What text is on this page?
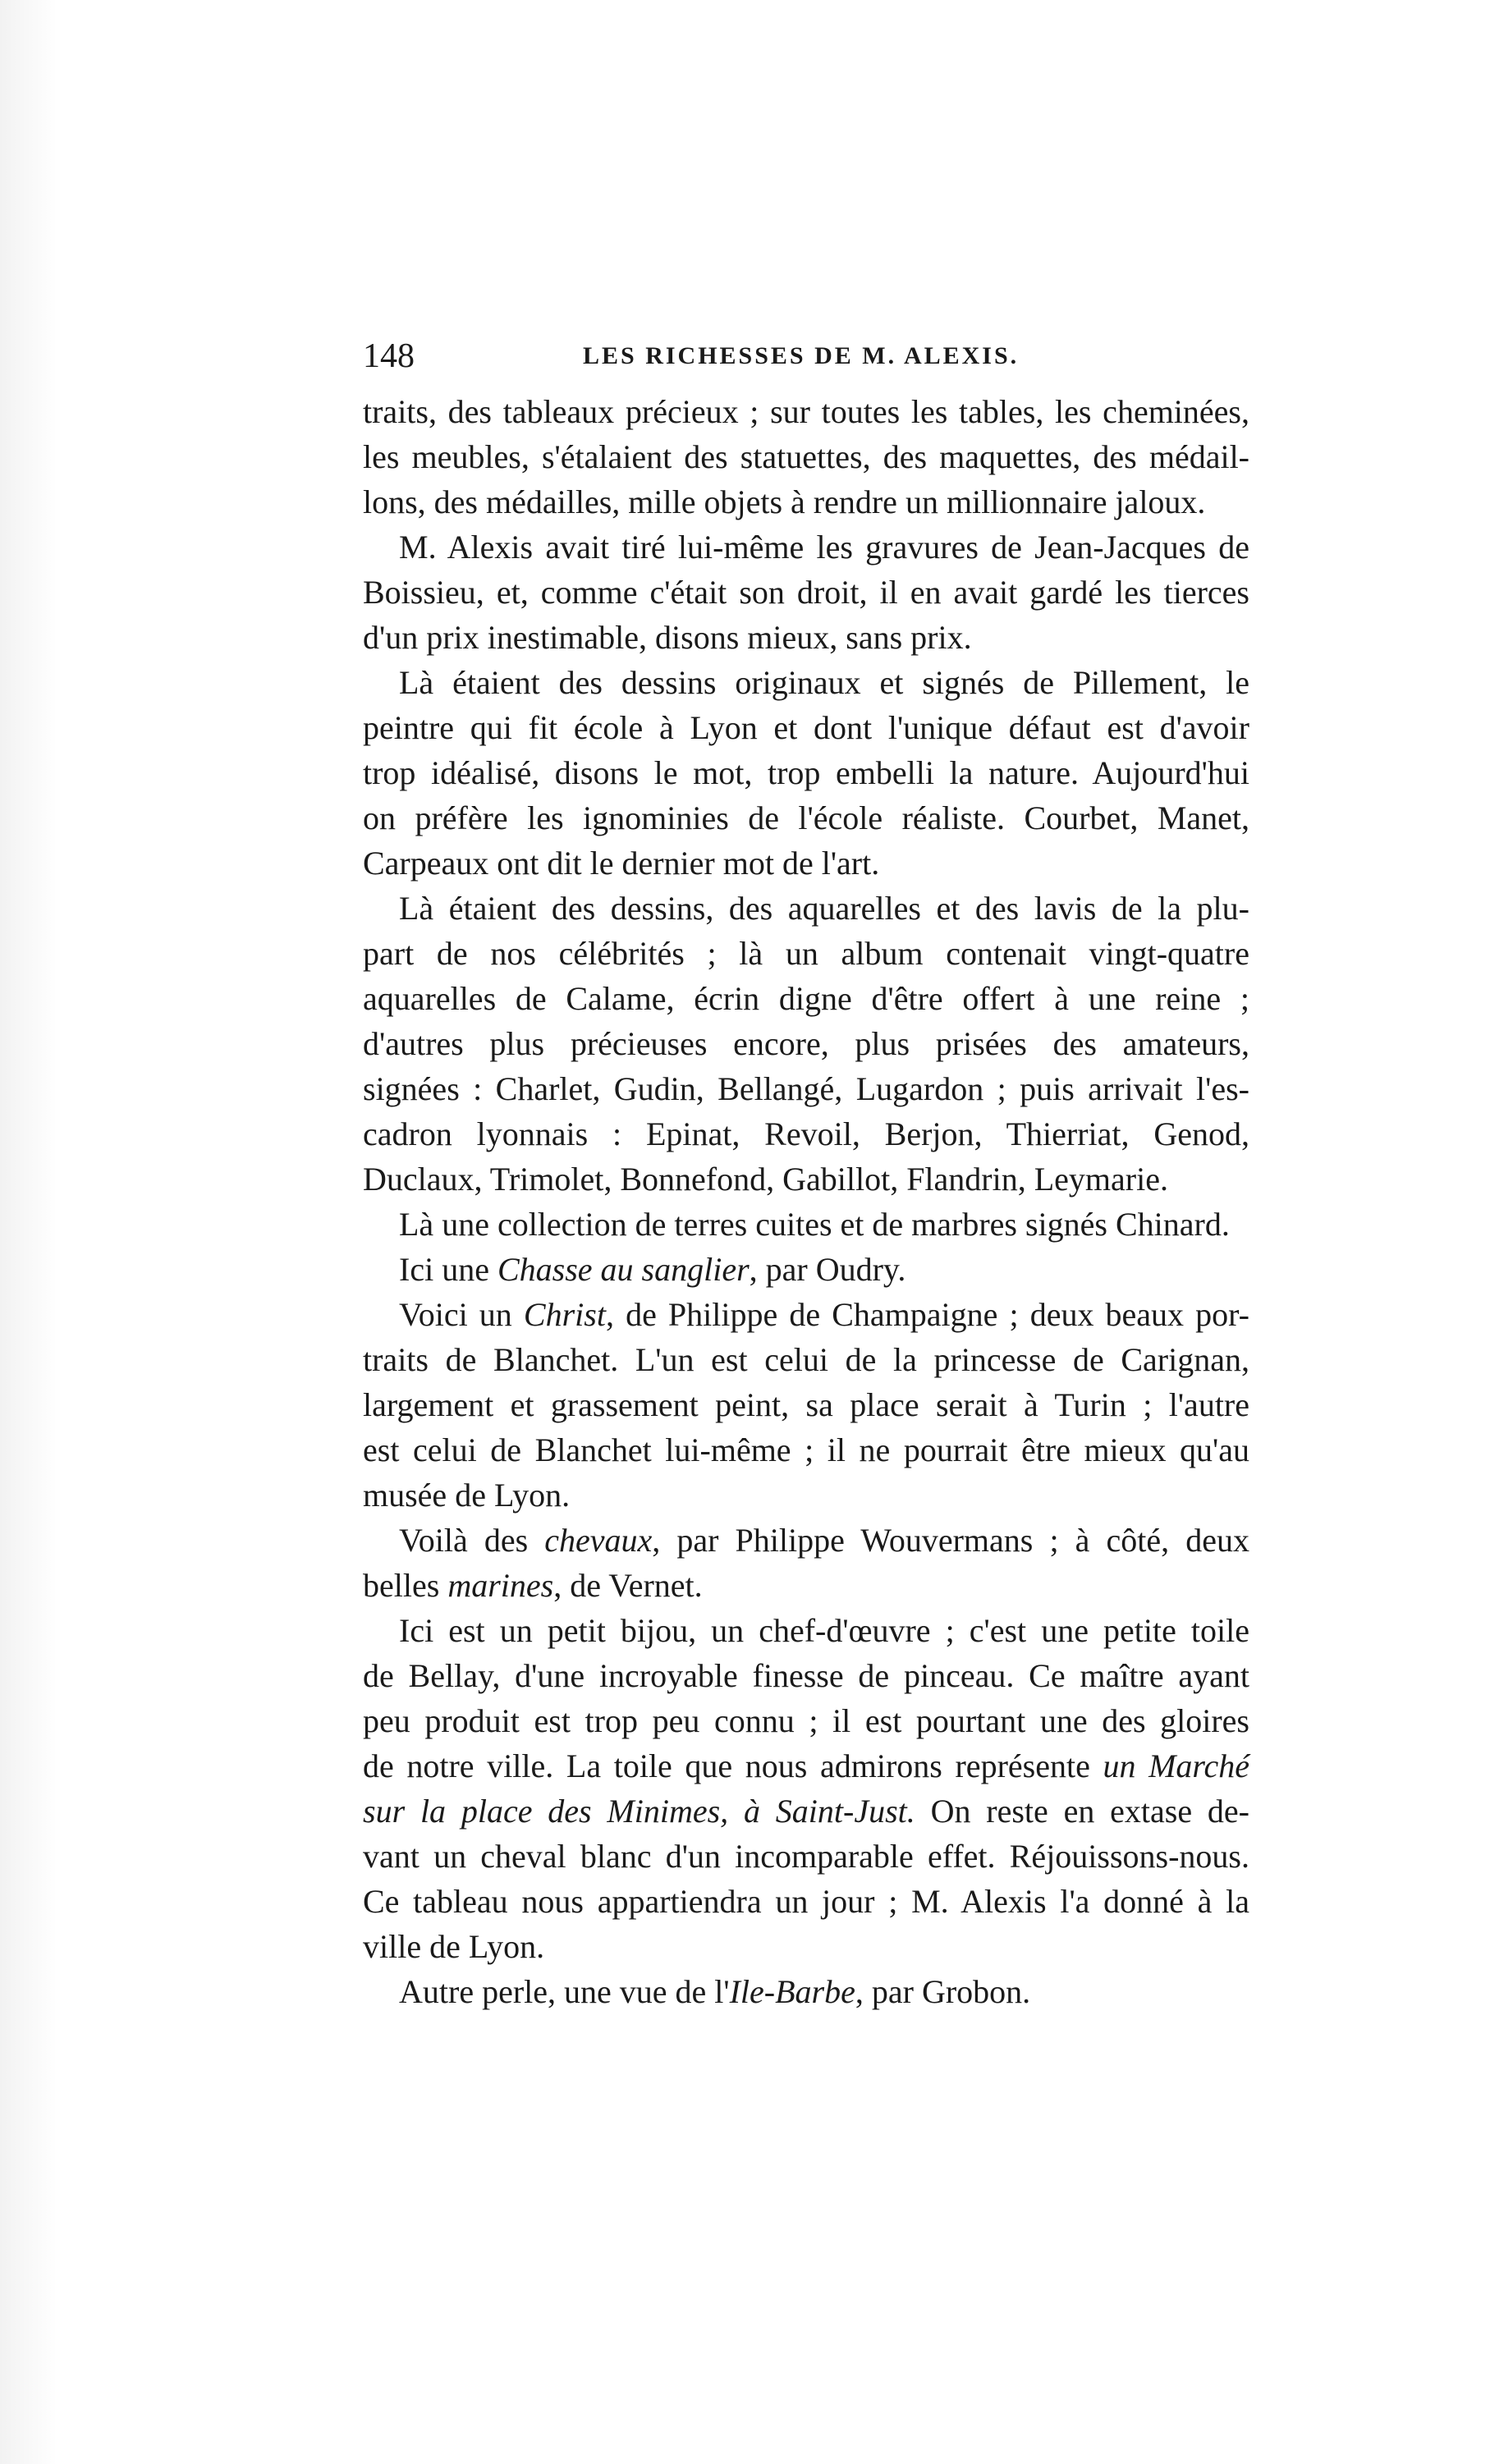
148	LES RICHESSES DE M. ALEXIS.
traits, des tableaux précieux ; sur toutes les tables, les cheminées,
les meubles, s'étalaient des statuettes, des maquettes, des médail-
lons, des médailles, mille objets à rendre un millionnaire jaloux.
M. Alexis avait tiré lui-même les gravures de Jean-Jacques de
Boissieu, et, comme c'était son droit, il en avait gardé les tierces
d'un prix inestimable, disons mieux, sans prix.
Là étaient des dessins originaux et signés de Pillement, le
peintre qui fit école à Lyon et dont l'unique défaut est d'avoir
trop idéalisé, disons le mot, trop embelli la nature. Aujourd'hui
on préfère les ignominies de l'école réaliste. Courbet, Manet,
Carpeaux ont dit le dernier mot de l'art.
Là étaient des dessins, des aquarelles et des lavis de la plu-
part de nos célébrités ; là un album contenait vingt-quatre
aquarelles de Calame, écrin digne d'être offert à une reine ;
d'autres plus précieuses encore, plus prisées des amateurs,
signées : Charlet, Gudin, Bellangé, Lugardon ; puis arrivait l'es-
cadron lyonnais : Epinat, Revoil, Berjon, Thierriat, Genod,
Duclaux, Trimolet, Bonnefond, Gabillot, Flandrin, Leymarie.
Là une collection de terres cuites et de marbres signés Chinard.
Ici une Chasse au sanglier, par Oudry.
Voici un Christ, de Philippe de Champaigne ; deux beaux por-
traits de Blanchet. L'un est celui de la princesse de Carignan,
largement et grassement peint, sa place serait à Turin ; l'autre
est celui de Blanchet lui-même ; il ne pourrait être mieux qu'au
musée de Lyon.
Voilà des chevaux, par Philippe Wouvermans ; à côté, deux
belles marines, de Vernet.
Ici est un petit bijou, un chef-d'œuvre ; c'est une petite toile
de Bellay, d'une incroyable finesse de pinceau. Ce maître ayant
peu produit est trop peu connu ; il est pourtant une des gloires
de notre ville. La toile que nous admirons représente un Marché
sur la place des Minimes, à Saint-Just. On reste en extase de-
vant un cheval blanc d'un incomparable effet. Réjouissons-nous.
Ce tableau nous appartiendra un jour ; M. Alexis l'a donné à la
ville de Lyon.
Autre perle, une vue de l'Ile-Barbe, par Grobon.
